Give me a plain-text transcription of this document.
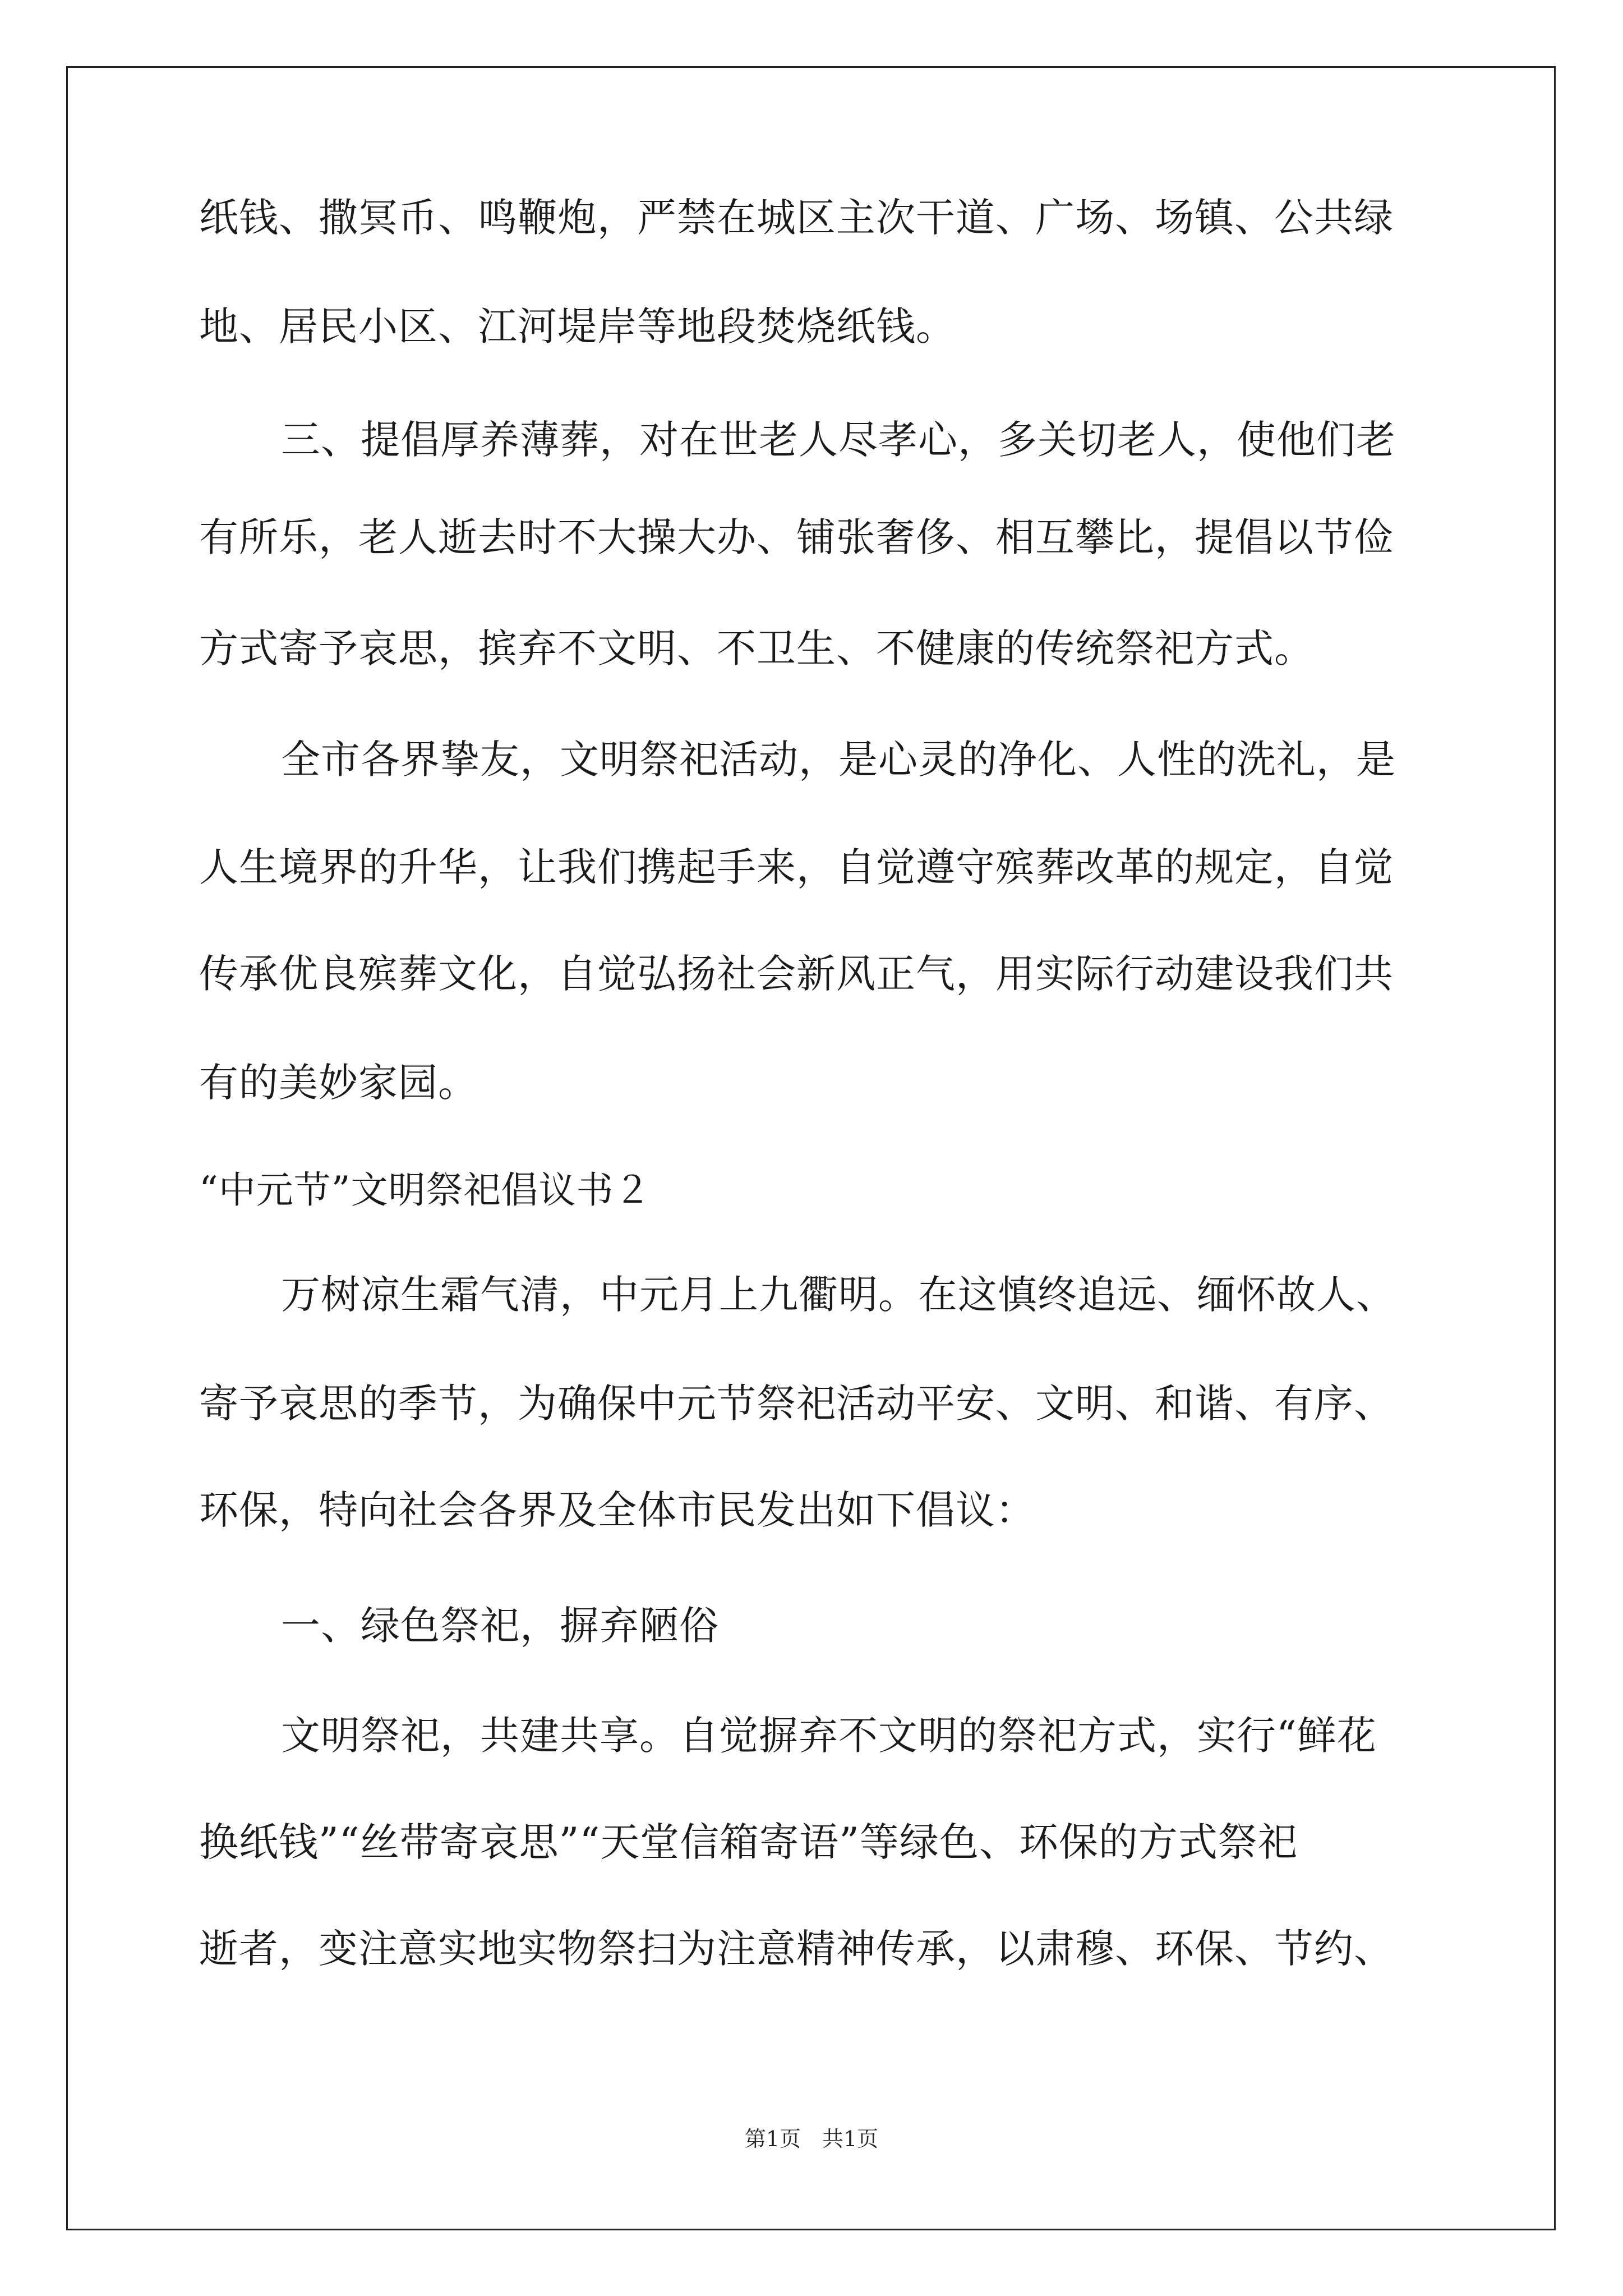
纸钱、撒冥币、鸣鞭炮，严禁在城区主次干道、广场、场镇、公共绿
地、居民小区、江河堤岸等地段焚烧纸钱。
三、提倡厚养薄葬，对在世老人尽孝心，多关切老人，使他们老
有所乐，老人逝去时不大操大办、铺张奢侈、相互攀比，提倡以节俭
方式寄予哀思，摈弃不文明、不卫生、不健康的传统祭祀方式。
全市各界挚友，文明祭祀活动，是心灵的净化、人性的洗礼，是
人生境界的升华，让我们携起手来，自觉遵守殡葬改革的规定，自觉
传承优良殡葬文化，自觉弘扬社会新风正气，用实际行动建设我们共
有的美妙家园。
“中元节”文明祭祀倡议书２
万树凉生霜气清，中元月上九衢明。在这慎终追远、缅怀故人、
寄予哀思的季节，为确保中元节祭祀活动平安、文明、和谐、有序、
环保，特向社会各界及全体市民发出如下倡议：
一、绿色祭祀，摒弃陋俗
文明祭祀，共建共享。自觉摒弃不文明的祭祀方式，实行“鲜花
换纸钱”“丝带寄哀思”“天堂信箱寄语”等绿色、环保的方式祭祀
逝者，变注意实地实物祭扫为注意精神传承，以肃穆、环保、节约、
第1页　共1页
